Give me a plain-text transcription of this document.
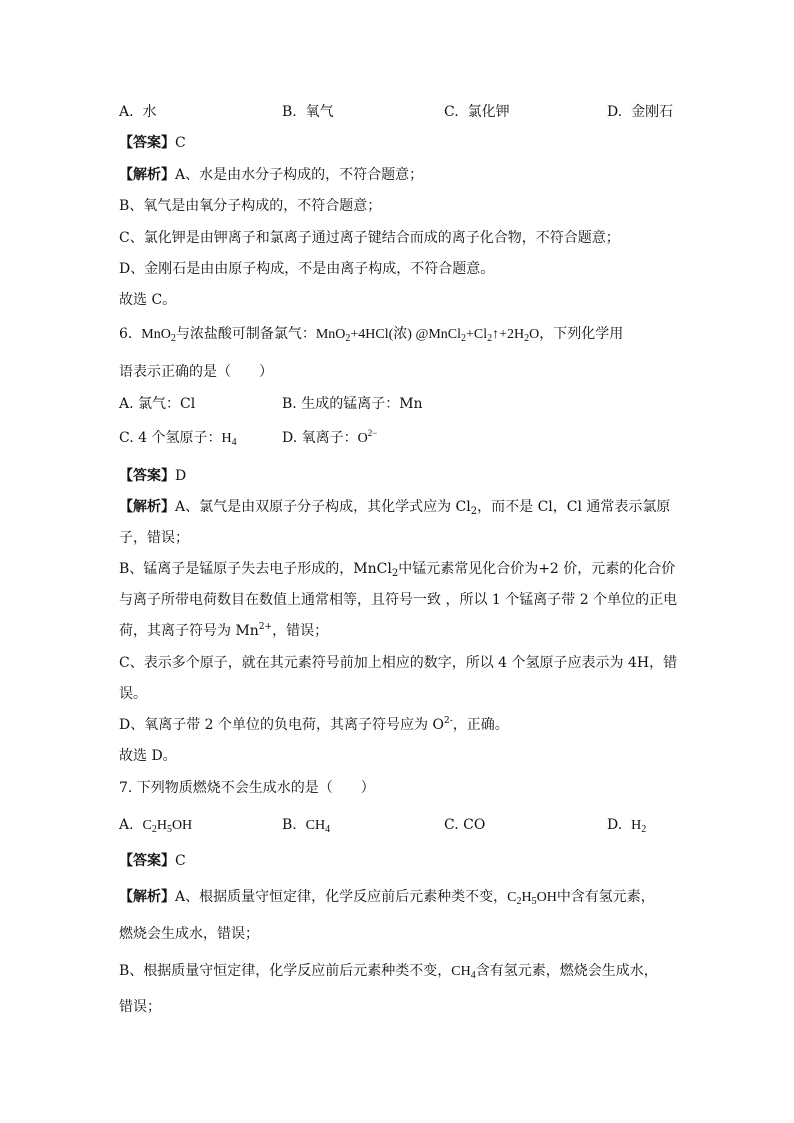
A. 水	B. 氧气	C. 氯化钾	D. 金刚石
【答案】C
【解析】A、水是由水分子构成的，不符合题意；
B、氧气是由氧分子构成的，不符合题意；
C、氯化钾是由钾离子和氯离子通过离子键结合而成的离子化合物，不符合题意；
D、金刚石是由由原子构成，不是由离子构成，不符合题意。
故选 C。
6. MnO$_2$与浓盐酸可制备氯气：MnO$_2$+4HCl(浓) $@MnCl_2+Cl_2↑+2H_2O$，下列化学用
语表示正确的是（　　）
A. 氯气：Cl	B. 生成的锰离子：Mn
C. 4 个氢原子：$H_4$	D. 氧离子：$O^{2-}$
【答案】D
【解析】A、氯气是由双原子分子构成，其化学式应为 $Cl_2$，而不是 Cl，Cl 通常表示氯原
子，错误；
B、锰离子是锰原子失去电子形成的，MnCl$_2$中锰元素常见化合价为+2 价，元素的化合价
与离子所带电荷数目在数值上通常相等，且符号一致 ，所以 1 个锰离子带 2 个单位的正电
荷，其离子符号为 $Mn^{2+}$，错误；
C、表示多个原子，就在其元素符号前加上相应的数字，所以 4 个氢原子应表示为 4H，错
误。
D、氧离子带 2 个单位的负电荷，其离子符号应为 $O^{2-}$，正确。
故选 D。
7. 下列物质燃烧不会生成水的是（　　）
A. $C_2H_5OH$	B. $CH_4$	C. CO	D. $H_2$
【答案】C
【解析】A、根据质量守恒定律，化学反应前后元素种类不变，$C_2H_5OH$中含有氢元素，
燃烧会生成水，错误；
B、根据质量守恒定律，化学反应前后元素种类不变，$CH_4$含有氢元素，燃烧会生成水，
错误；
